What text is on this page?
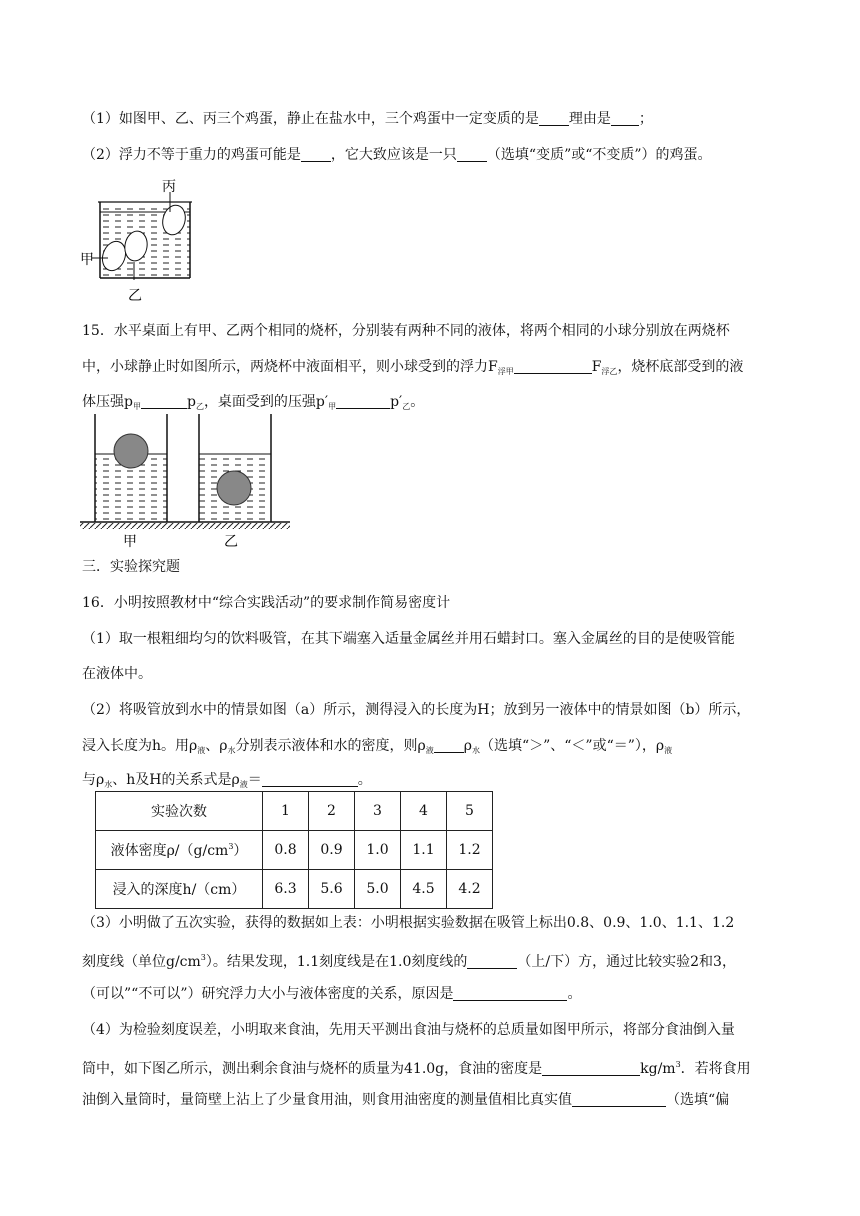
（1）如图甲、乙、丙三个鸡蛋，静止在盐水中，三个鸡蛋中一定变质的是 理由是 ；
（2）浮力不等于重力的鸡蛋可能是 ，它大致应该是一只 （选填“变质”或“不变质”）的鸡蛋。
丙
甲
乙
15．水平桌面上有甲、乙两个相同的烧杯，分别装有两种不同的液体，将两个相同的小球分别放在两烧杯
中，小球静止时如图所示，两烧杯中液面相平，则小球受到的浮力$F_{浮甲}$	$F_{浮乙}$，烧杯底部受到的液
体压强$p_甲$	$p_乙$，桌面受到的压强$p'_甲$	$p'_乙$。
甲	乙
三．实验探究题
16．小明按照教材中“综合实践活动”的要求制作简易密度计
（1）取一根粗细均匀的饮料吸管，在其下端塞入适量金属丝并用石蜡封口。塞入金属丝的目的是使吸管能
在液体中。
（2）将吸管放到水中的情景如图（a）所示，测得浸入的长度为H；放到另一液体中的情景如图（b）所示，
浸入长度为h。用$\rho_液$、$\rho_水$分别表示液体和水的密度，则$\rho_液$ $\rho_水$（选填“＞”、“＜”或“＝”），$\rho_液$
与$\rho_水$、h及H的关系式是$\rho_液=$	。
实验次数	1	2	3	4	5
液体密度$\rho/(g/cm^3)$	0.8	0.9	1.0	1.1	1.2
浸入的深度h/（cm）	6.3	5.6	5.0	4.5	4.2
（3）小明做了五次实验，获得的数据如上表：小明根据实验数据在吸管上标出0.8、0.9、1.0、1.1、1.2
刻度线（单位$g/cm^3$）。结果发现，1.1刻度线是在1.0刻度线的	（上/下）方，通过比较实验2和3，
（可以”“不可以”）研究浮力大小与液体密度的关系，原因是	。
（4）为检验刻度误差，小明取来食油，先用天平测出食油与烧杯的总质量如图甲所示，将部分食油倒入量
筒中，如下图乙所示，测出剩余食油与烧杯的质量为41.0g，食油的密度是	$kg/m^3$．若将食用
油倒入量筒时，量筒壁上沾上了少量食用油，则食用油密度的测量值相比真实值	（选填“偏
